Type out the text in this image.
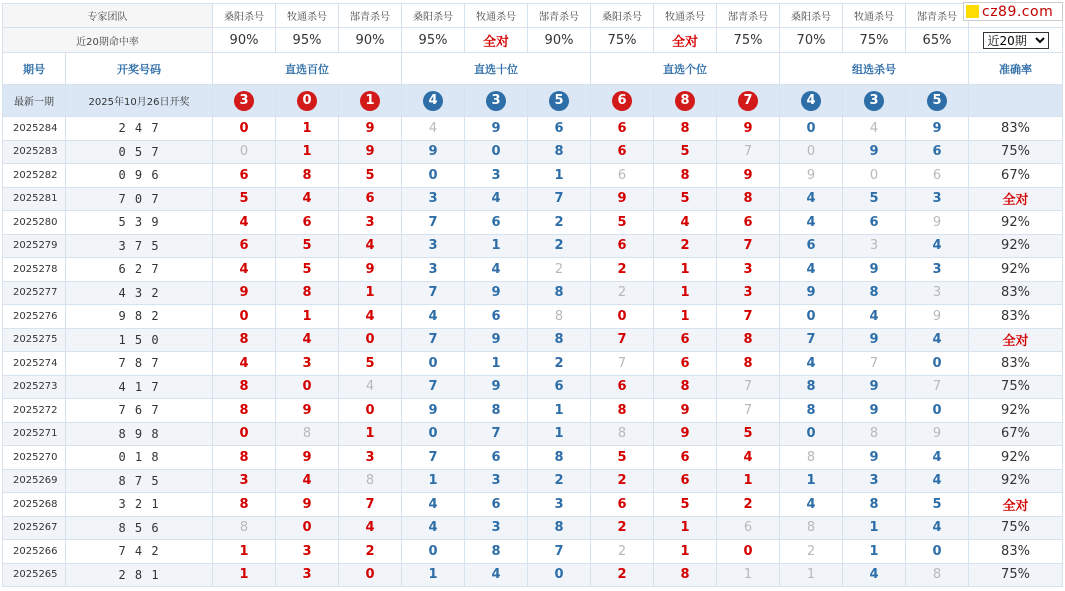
cz89.com
专家团队		桑阳杀号	牧通杀号	郜青杀号	桑阳杀号	牧通杀号	郜青杀号	桑阳杀号	牧通杀号	郜青杀号	桑阳杀号	牧通杀号	郜青杀号	
近20期命中率		90%	95%	90%	95%	全对	90%	75%	全对	75%	70%	75%	65%	
近20期
期号	开奖号码	直选百位			直选十位			直选个位			组选杀号			准确率
最新一期	2025年10月26日开奖	3	0	1	4	3	5	6	8	7	4	3	5	
2025284	2 4 7	0	1	9	4	9	6	6	8	9	0	4	9	83%
2025283	0 5 7	0	1	9	9	0	8	6	5	7	0	9	6	75%
2025282	0 9 6	6	8	5	0	3	1	6	8	9	9	0	6	67%
2025281	7 0 7	5	4	6	3	4	7	9	5	8	4	5	3	全对
2025280	5 3 9	4	6	3	7	6	2	5	4	6	4	6	9	92%
2025279	3 7 5	6	5	4	3	1	2	6	2	7	6	3	4	92%
2025278	6 2 7	4	5	9	3	4	2	2	1	3	4	9	3	92%
2025277	4 3 2	9	8	1	7	9	8	2	1	3	9	8	3	83%
2025276	9 8 2	0	1	4	4	6	8	0	1	7	0	4	9	83%
2025275	1 5 0	8	4	0	7	9	8	7	6	8	7	9	4	全对
2025274	7 8 7	4	3	5	0	1	2	7	6	8	4	7	0	83%
2025273	4 1 7	8	0	4	7	9	6	6	8	7	8	9	7	75%
2025272	7 6 7	8	9	0	9	8	1	8	9	7	8	9	0	92%
2025271	8 9 8	0	8	1	0	7	1	8	9	5	0	8	9	67%
2025270	0 1 8	8	9	3	7	6	8	5	6	4	8	9	4	92%
2025269	8 7 5	3	4	8	1	3	2	2	6	1	1	3	4	92%
2025268	3 2 1	8	9	7	4	6	3	6	5	2	4	8	5	全对
2025267	8 5 6	8	0	4	4	3	8	2	1	6	8	1	4	75%
2025266	7 4 2	1	3	2	0	8	7	2	1	0	2	1	0	83%
2025265	2 8 1	1	3	0	1	4	0	2	8	1	1	4	8	75%
